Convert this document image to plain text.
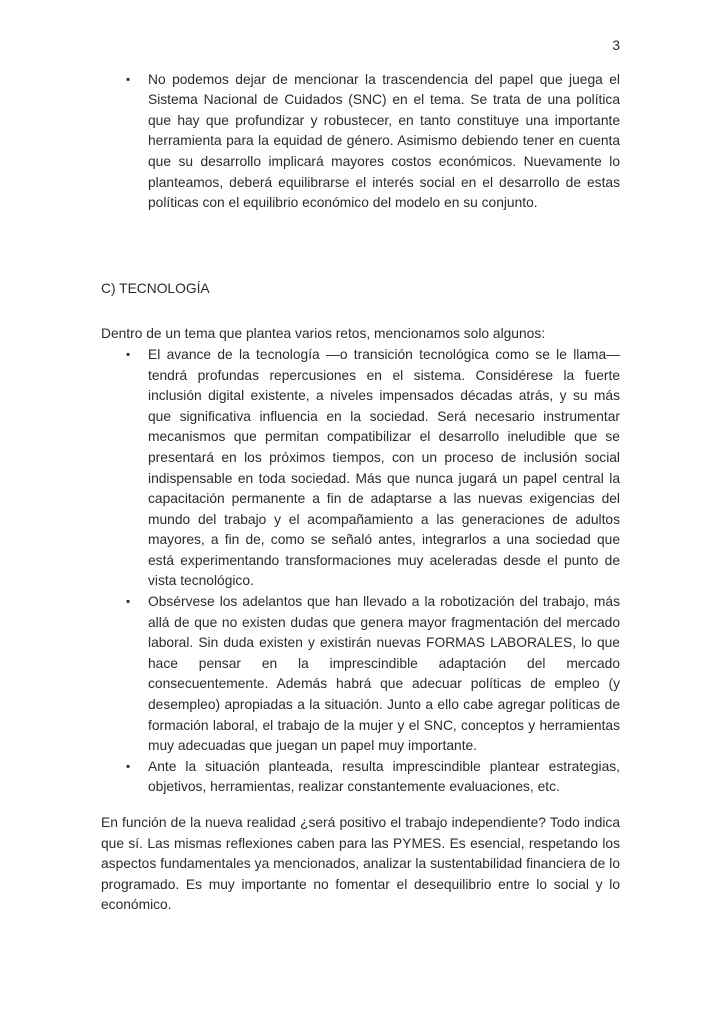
3
▪	No podemos dejar de mencionar la trascendencia del papel que juega el Sistema Nacional de Cuidados (SNC) en el tema. Se trata de una política que hay que profundizar y robustecer, en tanto constituye una importante herramienta para la equidad de género. Asimismo debiendo tener en cuenta que su desarrollo implicará mayores costos económicos. Nuevamente lo planteamos, deberá equilibrarse el interés social en el desarrollo de estas políticas con el equilibrio económico del modelo en su conjunto.
C) TECNOLOGÍA

Dentro de un tema que plantea varios retos, mencionamos solo algunos:

▪	El avance de la tecnología —o transición tecnológica como se le llama—tendrá profundas repercusiones en el sistema. Considérese la fuerte inclusión digital existente, a niveles impensados décadas atrás, y su más que significativa influencia en la sociedad. Será necesario instrumentar mecanismos que permitan compatibilizar el desarrollo ineludible que se presentará en los próximos tiempos, con un proceso de inclusión social indispensable en toda sociedad. Más que nunca jugará un papel central la capacitación permanente a fin de adaptarse a las nuevas exigencias del mundo del trabajo y el acompañamiento a las generaciones de adultos mayores, a fin de, como se señaló antes, integrarlos a una sociedad que está experimentando transformaciones muy aceleradas desde el punto de vista tecnológico.
▪	Obsérvese los adelantos que han llevado a la robotización del trabajo, más allá de que no existen dudas que genera mayor fragmentación del mercado laboral. Sin duda existen y existirán nuevas FORMAS LABORALES, lo que hace pensar en la imprescindible adaptación del mercado consecuentemente. Además habrá que adecuar políticas de empleo (y desempleo) apropiadas a la situación. Junto a ello cabe agregar políticas de formación laboral, el trabajo de la mujer y el SNC, conceptos y herramientas muy adecuadas que juegan un papel muy importante.
▪	Ante la situación planteada, resulta imprescindible plantear estrategias, objetivos, herramientas, realizar constantemente evaluaciones, etc.

En función de la nueva realidad ¿será positivo el trabajo independiente? Todo indica que sí. Las mismas reflexiones caben para las PYMES. Es esencial, respetando los aspectos fundamentales ya mencionados, analizar la sustentabilidad financiera de lo programado. Es muy importante no fomentar el desequilibrio entre lo social y lo económico.
